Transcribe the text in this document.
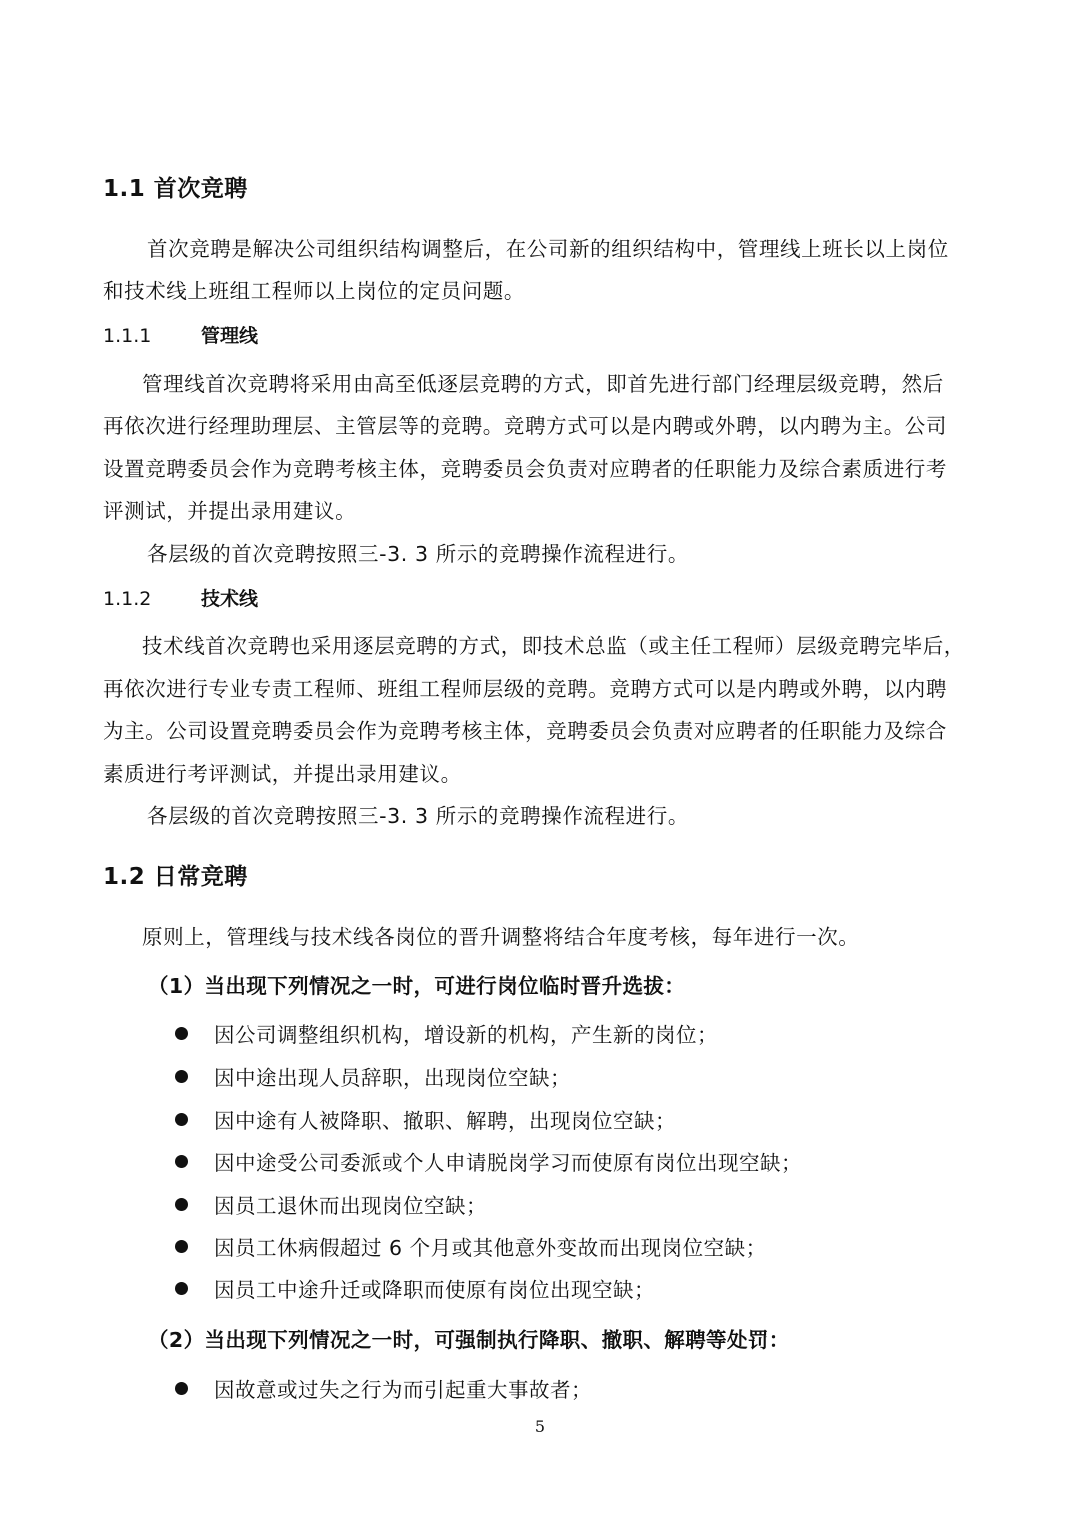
1.1 首次竞聘
首次竞聘是解决公司组织结构调整后，在公司新的组织结构中，管理线上班长以上岗位
和技术线上班组工程师以上岗位的定员问题。
1.1.1	管理线
管理线首次竞聘将采用由高至低逐层竞聘的方式，即首先进行部门经理层级竞聘，然后
再依次进行经理助理层、主管层等的竞聘。竞聘方式可以是内聘或外聘，以内聘为主。公司
设置竞聘委员会作为竞聘考核主体，竞聘委员会负责对应聘者的任职能力及综合素质进行考
评测试，并提出录用建议。
各层级的首次竞聘按照三-3. 3 所示的竞聘操作流程进行。
1.1.2	技术线
技术线首次竞聘也采用逐层竞聘的方式，即技术总监（或主任工程师）层级竞聘完毕后，
再依次进行专业专责工程师、班组工程师层级的竞聘。竞聘方式可以是内聘或外聘，以内聘
为主。公司设置竞聘委员会作为竞聘考核主体，竞聘委员会负责对应聘者的任职能力及综合
素质进行考评测试，并提出录用建议。
各层级的首次竞聘按照三-3. 3 所示的竞聘操作流程进行。
1.2 日常竞聘
原则上，管理线与技术线各岗位的晋升调整将结合年度考核，每年进行一次。
（1）当出现下列情况之一时，可进行岗位临时晋升选拔：
因公司调整组织机构，增设新的机构，产生新的岗位；
因中途出现人员辞职，出现岗位空缺；
因中途有人被降职、撤职、解聘，出现岗位空缺；
因中途受公司委派或个人申请脱岗学习而使原有岗位出现空缺；
因员工退休而出现岗位空缺；
因员工休病假超过 6 个月或其他意外变故而出现岗位空缺；
因员工中途升迁或降职而使原有岗位出现空缺；
（2）当出现下列情况之一时，可强制执行降职、撤职、解聘等处罚：
因故意或过失之行为而引起重大事故者；
5
